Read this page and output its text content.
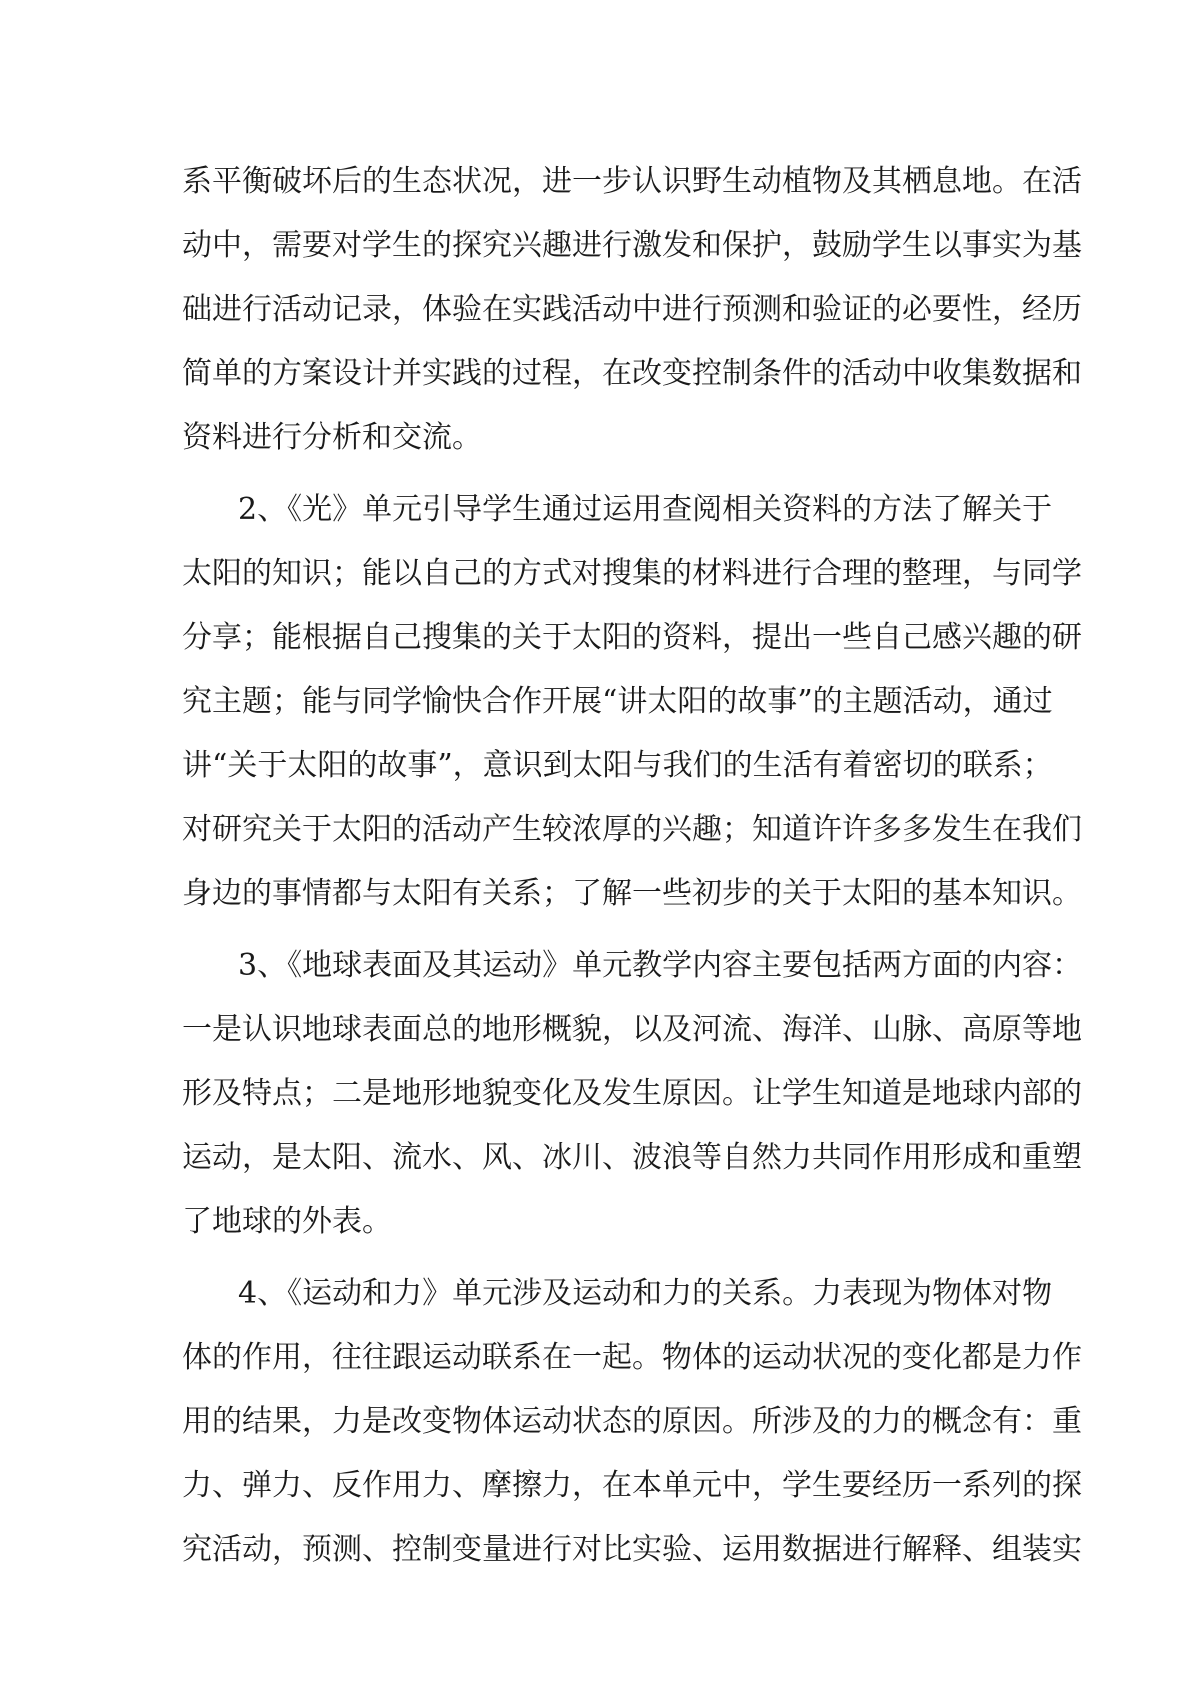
系平衡破坏后的生态状况，进一步认识野生动植物及其栖息地。在活
动中，需要对学生的探究兴趣进行激发和保护，鼓励学生以事实为基
础进行活动记录，体验在实践活动中进行预测和验证的必要性，经历
简单的方案设计并实践的过程，在改变控制条件的活动中收集数据和
资料进行分析和交流。
2、《光》单元引导学生通过运用查阅相关资料的方法了解关于
太阳的知识；能以自己的方式对搜集的材料进行合理的整理，与同学
分享；能根据自己搜集的关于太阳的资料，提出一些自己感兴趣的研
究主题；能与同学愉快合作开展“讲太阳的故事”的主题活动，通过
讲“关于太阳的故事”，意识到太阳与我们的生活有着密切的联系；
对研究关于太阳的活动产生较浓厚的兴趣；知道许许多多发生在我们
身边的事情都与太阳有关系；了解一些初步的关于太阳的基本知识。
3、《地球表面及其运动》单元教学内容主要包括两方面的内容：
一是认识地球表面总的地形概貌，以及河流、海洋、山脉、高原等地
形及特点；二是地形地貌变化及发生原因。让学生知道是地球内部的
运动，是太阳、流水、风、冰川、波浪等自然力共同作用形成和重塑
了地球的外表。
4、《运动和力》单元涉及运动和力的关系。力表现为物体对物
体的作用，往往跟运动联系在一起。物体的运动状况的变化都是力作
用的结果，力是改变物体运动状态的原因。所涉及的力的概念有：重
力、弹力、反作用力、摩擦力，在本单元中，学生要经历一系列的探
究活动，预测、控制变量进行对比实验、运用数据进行解释、组装实
